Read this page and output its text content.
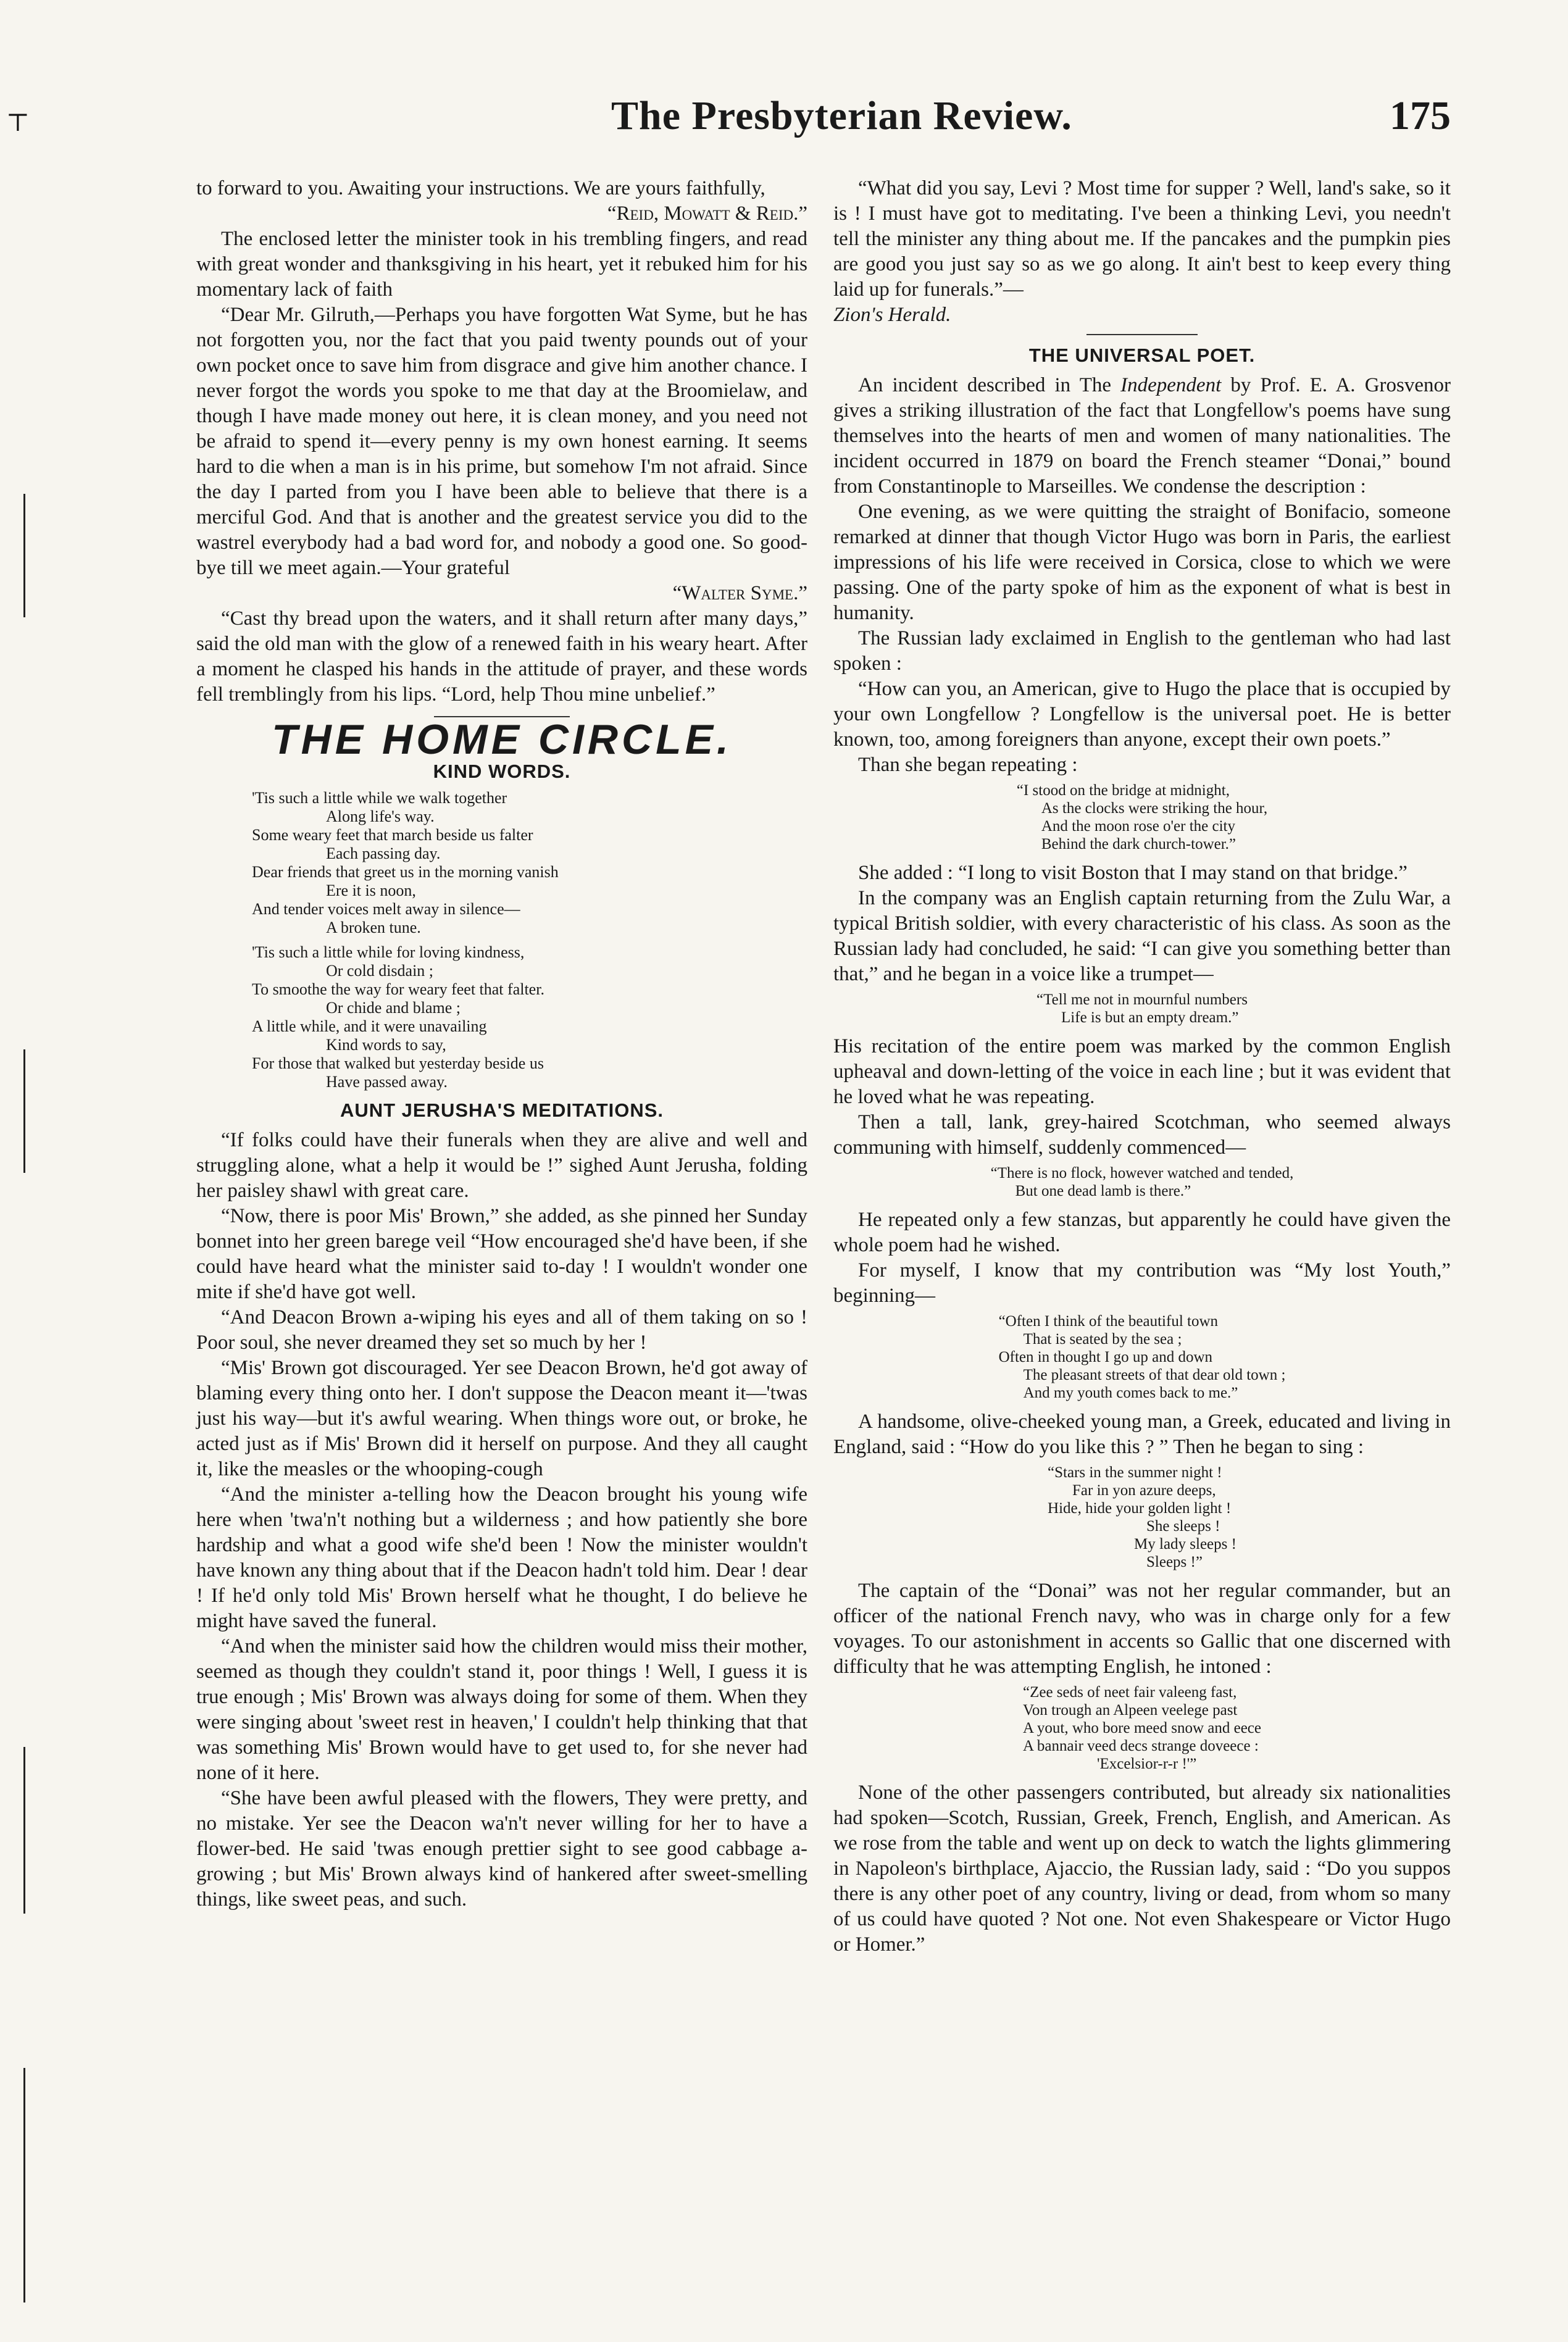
⊤	The Presbyterian Review.	175

to forward to you. Awaiting your instructions. We are yours faithfully,

“Reid, Mowatt & Reid.”

The enclosed letter the minister took in his trembling fingers, and read with great wonder and thanksgiving in his heart, yet it rebuked him for his momentary lack of faith

“Dear Mr. Gilruth,—Perhaps you have forgotten Wat Syme, but he has not forgotten you, nor the fact that you paid twenty pounds out of your own pocket once to save him from disgrace and give him another chance. I never forgot the words you spoke to me that day at the Broomielaw, and though I have made money out here, it is clean money, and you need not be afraid to spend it—every penny is my own honest earning. It seems hard to die when a man is in his prime, but somehow I'm not afraid. Since the day I parted from you I have been able to believe that there is a merciful God. And that is another and the greatest service you did to the wastrel everybody had a bad word for, and nobody a good one. So good-bye till we meet again.—Your grateful

“Walter Syme.”

“Cast thy bread upon the waters, and it shall return after many days,” said the old man with the glow of a renewed faith in his weary heart. After a moment he clasped his hands in the attitude of prayer, and these words fell tremblingly from his lips. “Lord, help Thou mine unbelief.”

THE HOME CIRCLE.
KIND WORDS.
'Tis such a little while we walk together
Along life's way.
Some weary feet that march beside us falter
Each passing day.
Dear friends that greet us in the morning vanish
Ere it is noon,
And tender voices melt away in silence—
A broken tune.
'Tis such a little while for loving kindness,
Or cold disdain ;
To smoothe the way for weary feet that falter.
Or chide and blame ;
A little while, and it were unavailing
Kind words to say,
For those that walked but yesterday beside us
Have passed away.
AUNT JERUSHA'S MEDITATIONS.

“If folks could have their funerals when they are alive and well and struggling alone, what a help it would be !” sighed Aunt Jerusha, folding her paisley shawl with great care.

“Now, there is poor Mis' Brown,” she added, as she pinned her Sunday bonnet into her green barege veil “How encouraged she'd have been, if she could have heard what the minister said to-day ! I wouldn't wonder one mite if she'd have got well.

“And Deacon Brown a-wiping his eyes and all of them taking on so ! Poor soul, she never dreamed they set so much by her !

“Mis' Brown got discouraged. Yer see Deacon Brown, he'd got away of blaming every thing onto her. I don't suppose the Deacon meant it—'twas just his way—but it's awful wearing. When things wore out, or broke, he acted just as if Mis' Brown did it herself on purpose. And they all caught it, like the measles or the whooping-cough

“And the minister a-telling how the Deacon brought his young wife here when 'twa'n't nothing but a wilderness ; and how patiently she bore hardship and what a good wife she'd been ! Now the minister wouldn't have known any thing about that if the Deacon hadn't told him. Dear ! dear ! If he'd only told Mis' Brown herself what he thought, I do believe he might have saved the funeral.

“And when the minister said how the children would miss their mother, seemed as though they couldn't stand it, poor things ! Well, I guess it is true enough ; Mis' Brown was always doing for some of them. When they were singing about 'sweet rest in heaven,' I couldn't help thinking that that was something Mis' Brown would have to get used to, for she never had none of it here.

“She have been awful pleased with the flowers, They were pretty, and no mistake. Yer see the Deacon wa'n't never willing for her to have a flower-bed. He said 'twas enough prettier sight to see good cabbage a-growing ; but Mis' Brown always kind of hankered after sweet-smelling things, like sweet peas, and such.

“What did you say, Levi ? Most time for supper ? Well, land's sake, so it is ! I must have got to meditating. I've been a thinking Levi, you needn't tell the minister any thing about me. If the pancakes and the pumpkin pies are good you just say so as we go along. It ain't best to keep every thing laid up for funerals.”—
Zion's Herald.

THE UNIVERSAL POET.

An incident described in The Independent by Prof. E. A. Grosvenor gives a striking illustration of the fact that Longfellow's poems have sung themselves into the hearts of men and women of many nationalities. The incident occurred in 1879 on board the French steamer “Donai,” bound from Constantinople to Marseilles. We condense the description :

One evening, as we were quitting the straight of Bonifacio, someone remarked at dinner that though Victor Hugo was born in Paris, the earliest impressions of his life were received in Corsica, close to which we were passing. One of the party spoke of him as the exponent of what is best in humanity.

The Russian lady exclaimed in English to the gentleman who had last spoken :

“How can you, an American, give to Hugo the place that is occupied by your own Longfellow ? Longfellow is the universal poet. He is better known, too, among foreigners than anyone, except their own poets.”

Than she began repeating :

“I stood on the bridge at midnight,
As the clocks were striking the hour,
And the moon rose o'er the city
Behind the dark church-tower.”

She added : “I long to visit Boston that I may stand on that bridge.”

In the company was an English captain returning from the Zulu War, a typical British soldier, with every characteristic of his class. As soon as the Russian lady had concluded, he said: “I can give you something better than that,” and he began in a voice like a trumpet—

“Tell me not in mournful numbers
Life is but an empty dream.”

His recitation of the entire poem was marked by the common English upheaval and down-letting of the voice in each line ; but it was evident that he loved what he was repeating.

Then a tall, lank, grey-haired Scotchman, who seemed always communing with himself, suddenly commenced—

“There is no flock, however watched and tended,
But one dead lamb is there.”

He repeated only a few stanzas, but apparently he could have given the whole poem had he wished.

For myself, I know that my contribution was “My lost Youth,” beginning—

“Often I think of the beautiful town
That is seated by the sea ;
Often in thought I go up and down
The pleasant streets of that dear old town ;
And my youth comes back to me.”

A handsome, olive-cheeked young man, a Greek, educated and living in England, said : “How do you like this ? ” Then he began to sing :

“Stars in the summer night !
Far in yon azure deeps,
Hide, hide your golden light !
She sleeps !
My lady sleeps !
Sleeps !”

The captain of the “Donai” was not her regular commander, but an officer of the national French navy, who was in charge only for a few voyages. To our astonishment in accents so Gallic that one discerned with difficulty that he was attempting English, he intoned :

“Zee seds of neet fair valeeng fast,
Von trough an Alpeen veelege past
A yout, who bore meed snow and eece
A bannair veed decs strange doveece :
'Excelsior-r-r !'”

None of the other passengers contributed, but already six nationalities had spoken—Scotch, Russian, Greek, French, English, and American. As we rose from the table and went up on deck to watch the lights glimmering in Napoleon's birthplace, Ajaccio, the Russian lady, said : “Do you suppos there is any other poet of any country, living or dead, from whom so many of us could have quoted ? Not one. Not even Shakespeare or Victor Hugo or Homer.”
